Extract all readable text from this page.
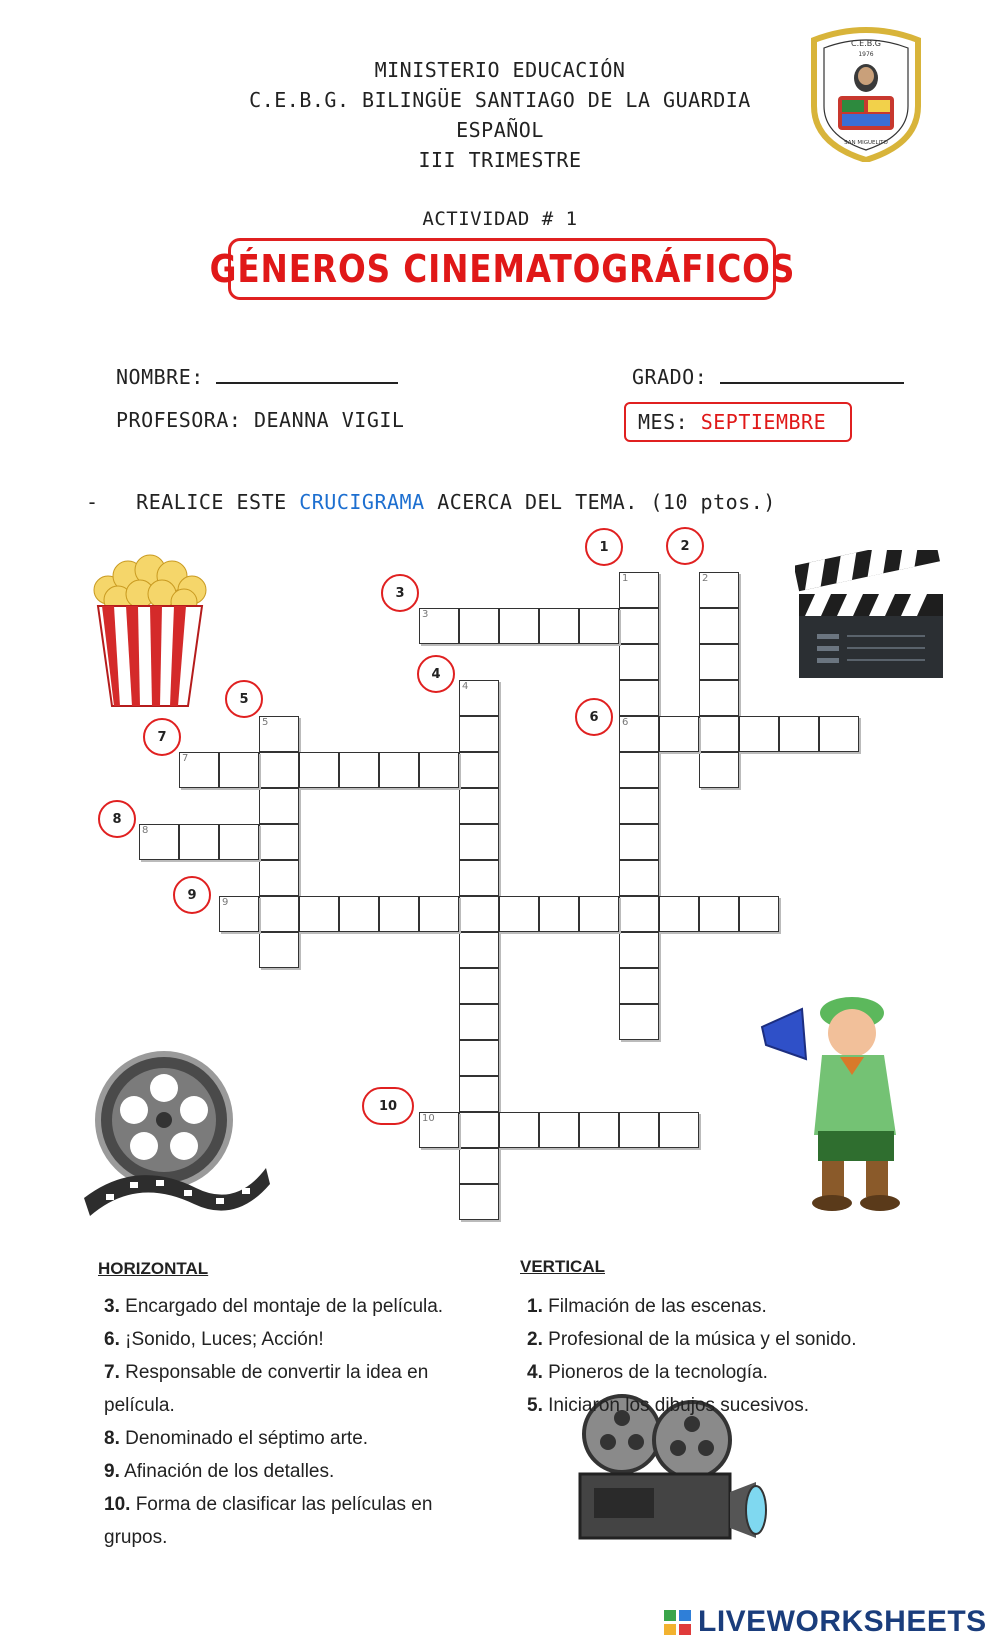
MINISTERIO EDUCACIÓN
C.E.B.G. BILINGÜE SANTIAGO DE LA GUARDIA
ESPAÑOL
III TRIMESTRE
ACTIVIDAD # 1
C.E.B.G
1976
SAN MIGUELITO
GÉNEROS CINEMATOGRÁFICOS
NOMBRE:	GRADO:
PROFESORA: DEANNA VIGIL	MES:
SEPTIEMBRE
- REALICE ESTE CRUCIGRAMA ACERCA DEL TEMA. (10 ptos.)
1
6
2
3
4
5
7
8
9
10
1	2
3
4
5
6
7
8
9
10
HORIZONTAL	VERTICAL
3. Encargado del montaje de la película.
6. ¡Sonido, Luces; Acción!
7. Responsable de convertir la idea en
película.
8. Denominado el séptimo arte.
9. Afinación de los detalles.
10. Forma de clasificar las películas en
grupos.
1. Filmación de las escenas.
2. Profesional de la música y el sonido.
4. Pioneros de la tecnología.
5. Iniciaron los dibujos sucesivos.
LIVEWORKSHEETS
